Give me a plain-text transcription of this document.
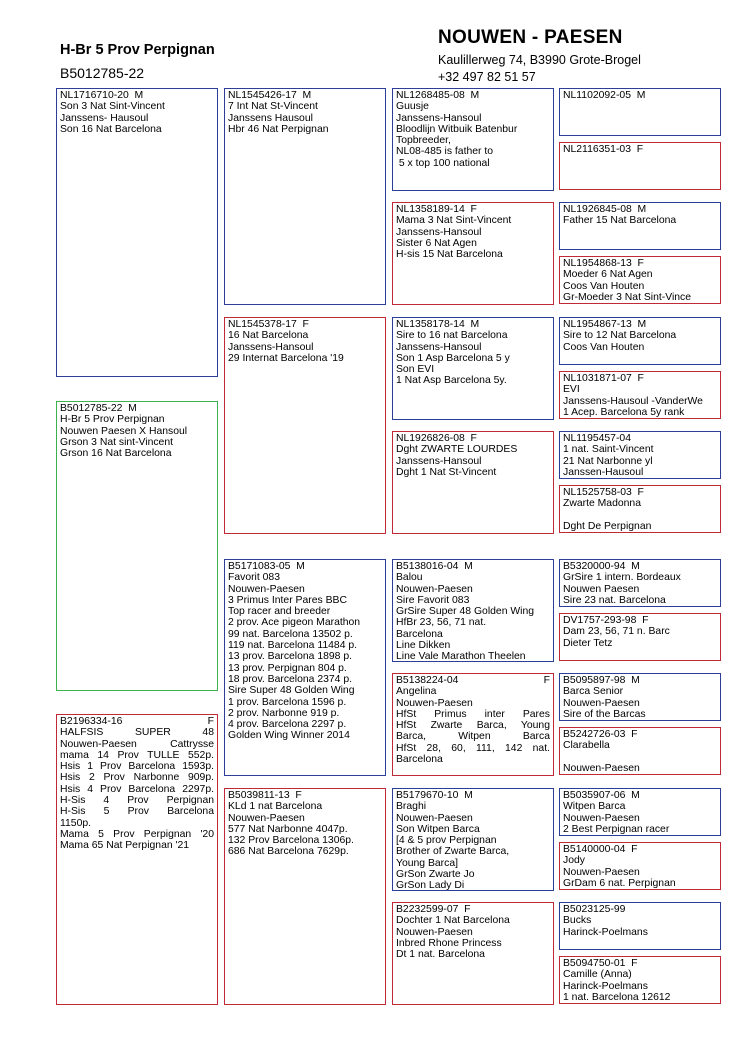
H-Br 5 Prov Perpignan
B5012785-22
NOUWEN - PAESEN
Kaulillerweg 74, B3990 Grote-Brogel
+32 497 82 51 57
NL1716710-20  M
Son 3 Nat Sint-Vincent
Janssens- Hausoul
Son 16 Nat Barcelona
B5012785-22  M
H-Br 5 Prov Perpignan
Nouwen Paesen X Hansoul
Grson 3 Nat sint-Vincent
Grson 16 Nat Barcelona
B2196334-16 F
HALFSIS SUPER 48
Nouwen-Paesen Cattrysse
mama 14 Prov TULLE 552p.
Hsis 1 Prov Barcelona 1593p.
Hsis 2 Prov Narbonne 909p.
Hsis 4 Prov Barcelona 2297p.
H-Sis 4 Prov Perpignan
H-Sis 5 Prov Barcelona
1150p.
Mama 5 Prov Perpignan '20
Mama 65 Nat Perpignan '21
NL1545426-17  M
7 Int Nat St-Vincent
Janssens Hausoul
Hbr 46 Nat Perpignan
NL1545378-17  F
16 Nat Barcelona
Janssens-Hansoul
29 Internat Barcelona '19
B5171083-05  M
Favorit 083
Nouwen-Paesen
3 Primus Inter Pares BBC
Top racer and breeder
2 prov. Ace pigeon Marathon
99 nat. Barcelona 13502 p.
119 nat. Barcelona 11484 p.
13 prov. Barcelona 1898 p.
13 prov. Perpignan 804 p.
18 prov. Barcelona 2374 p.
Sire Super 48 Golden Wing
1 prov. Barcelona 1596 p.
2 prov. Narbonne 919 p.
4 prov. Barcelona 2297 p.
Golden Wing Winner 2014
B5039811-13  F
KLd 1 nat Barcelona
Nouwen-Paesen
577 Nat Narbonne 4047p.
132 Prov Barcelona 1306p.
686 Nat Barcelona 7629p.
NL1268485-08  M
Guusje
Janssens-Hansoul
Bloodlijn Witbuik Batenbur
Topbreeder,
NL08-485 is father to
5 x top 100 national
NL1358189-14  F
Mama 3 Nat Sint-Vincent
Janssens-Hansoul
Sister 6 Nat Agen
H-sis 15 Nat Barcelona
NL1358178-14  M
Sire to 16 nat Barcelona
Janssens-Hansoul
Son 1 Asp Barcelona 5 y
Son EVI
1 Nat Asp Barcelona 5y.
NL1926826-08  F
Dght ZWARTE LOURDES
Janssens-Hansoul
Dght 1 Nat St-Vincent
B5138016-04  M
Balou
Nouwen-Paesen
Sire Favorit 083
GrSire Super 48 Golden Wing
HfBr 23, 56, 71 nat.
Barcelona
Line Dikken
Line Vale Marathon Theelen
B5138224-04 F
Angelina
Nouwen-Paesen
HfSt Primus inter Pares
HfSt Zwarte Barca, Young
Barca, Witpen Barca
HfSt 28, 60, 111, 142 nat.
Barcelona
B5179670-10  M
Braghi
Nouwen-Paesen
Son Witpen Barca
[4 & 5 prov Perpignan
Brother of Zwarte Barca,
Young Barca]
GrSon Zwarte Jo
GrSon Lady Di
B2232599-07  F
Dochter 1 Nat Barcelona
Nouwen-Paesen
Inbred Rhone Princess
Dt 1 nat. Barcelona
NL1102092-05  M
NL2116351-03  F
NL1926845-08  M
Father 15 Nat Barcelona
NL1954868-13  F
Moeder 6 Nat Agen
Coos Van Houten
Gr-Moeder 3 Nat Sint-Vince
NL1954867-13  M
Sire to 12 Nat Barcelona
Coos Van Houten
NL1031871-07  F
EVI
Janssens-Hausoul -VanderWe
1 Acep. Barcelona 5y rank
NL1195457-04
1 nat. Saint-Vincent
21 Nat Narbonne yl
Janssen-Hausoul
NL1525758-03  F
Zwarte Madonna

Dght De Perpignan
B5320000-94  M
GrSire 1 intern. Bordeaux
Nouwen Paesen
Sire 23 nat. Barcelona
DV1757-293-98  F
Dam 23, 56, 71 n. Barc
Dieter Tetz
B5095897-98  M
Barca Senior
Nouwen-Paesen
Sire of the Barcas
B5242726-03  F
Clarabella

Nouwen-Paesen
B5035907-06  M
Witpen Barca
Nouwen-Paesen
2 Best Perpignan racer
B5140000-04  F
Jody
Nouwen-Paesen
GrDam 6 nat. Perpignan
B5023125-99
Bucks
Harinck-Poelmans
B5094750-01  F
Camille (Anna)
Harinck-Poelmans
1 nat. Barcelona 12612
